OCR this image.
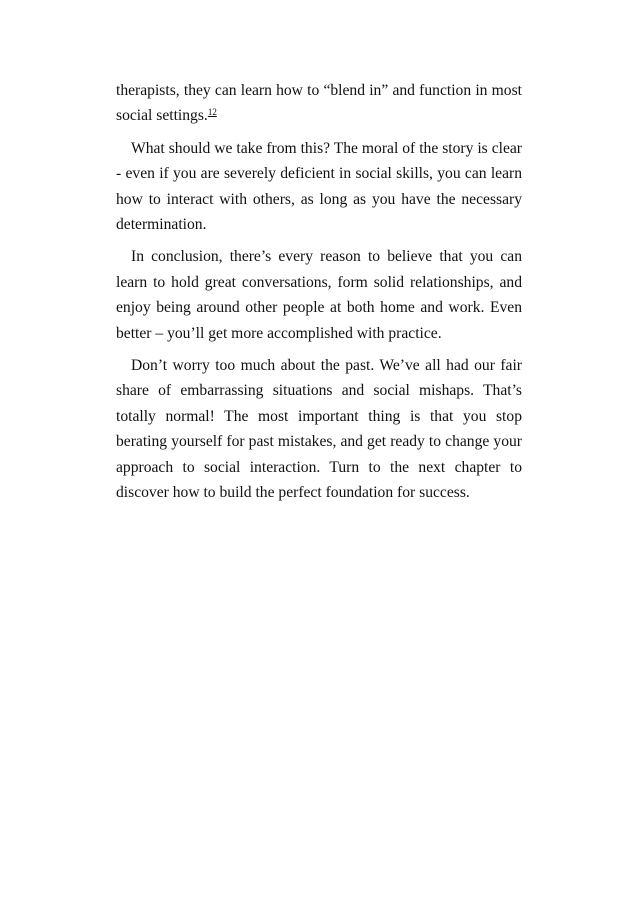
therapists, they can learn how to “blend in” and function in most social settings.$^{12}$

What should we take from this? The moral of the story is clear - even if you are severely deficient in social skills, you can learn how to interact with others, as long as you have the necessary determination.

In conclusion, there’s every reason to believe that you can learn to hold great conversations, form solid relationships, and enjoy being around other people at both home and work. Even better – you’ll get more accomplished with practice.

Don’t worry too much about the past. We’ve all had our fair share of embarrassing situations and social mishaps. That’s totally normal! The most important thing is that you stop berating yourself for past mistakes, and get ready to change your approach to social interaction. Turn to the next chapter to discover how to build the perfect foundation for success.
